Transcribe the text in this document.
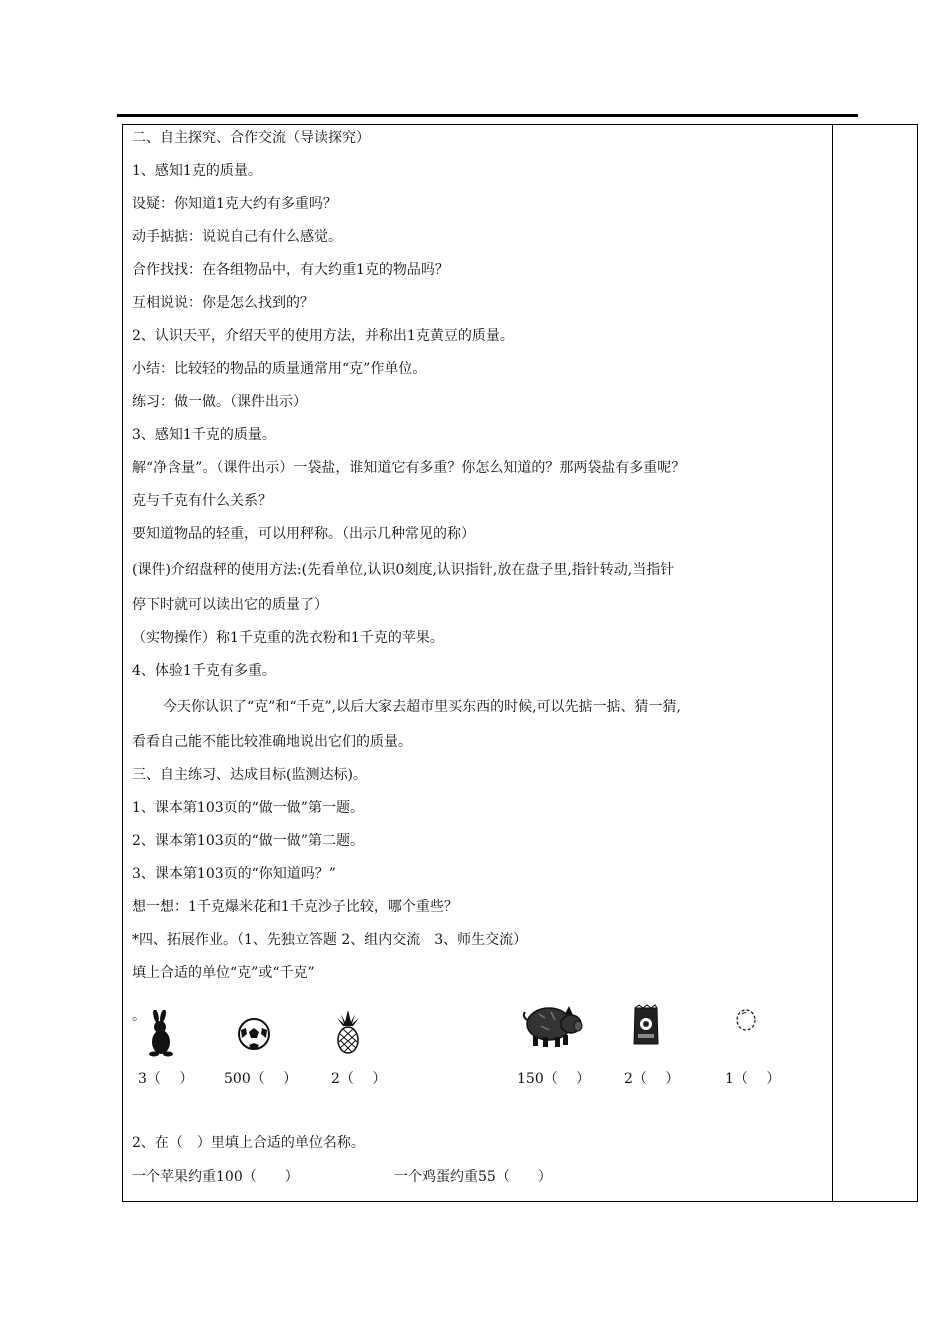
二、自主探究、合作交流（导读探究）
1、感知1克的质量。
设疑：你知道1克大约有多重吗？
动手掂掂：说说自己有什么感觉。
合作找找：在各组物品中，有大约重1克的物品吗？
互相说说：你是怎么找到的？
2、认识天平，介绍天平的使用方法，并称出1克黄豆的质量。
小结：比较轻的物品的质量通常用“克”作单位。
练习：做一做。（课件出示）
3、感知1千克的质量。
解“净含量”。（课件出示）一袋盐，谁知道它有多重？你怎么知道的？那两袋盐有多重呢？
克与千克有什么关系？
要知道物品的轻重，可以用秤称。（出示几种常见的称）
(课件)介绍盘秤的使用方法:(先看单位,认识0刻度,认识指针,放在盘子里,指针转动,当指针
停下时就可以读出它的质量了）
（实物操作）称1千克重的洗衣粉和1千克的苹果。
4、体验1千克有多重。
今天你认识了“克”和“千克”,以后大家去超市里买东西的时候,可以先掂一掂、猜一猜,
看看自己能不能比较准确地说出它们的质量。
三、自主练习、达成目标(监测达标)。
1、课本第103页的“做一做”第一题。
2、课本第103页的“做一做”第二题。
3、课本第103页的“你知道吗？”
想一想：1千克爆米花和1千克沙子比较，哪个重些？
*四、拓展作业。（1、先独立答题 2、组内交流　3、师生交流）
填上合适的单位“克”或“千克”
。
3（　 ） 500（　 ） 2（　 ）	150（　 ） 2（　 ）	1（　 ）
2、在（　）里填上合适的单位名称。
一个苹果约重100（　　）	一个鸡蛋约重55（　　）
